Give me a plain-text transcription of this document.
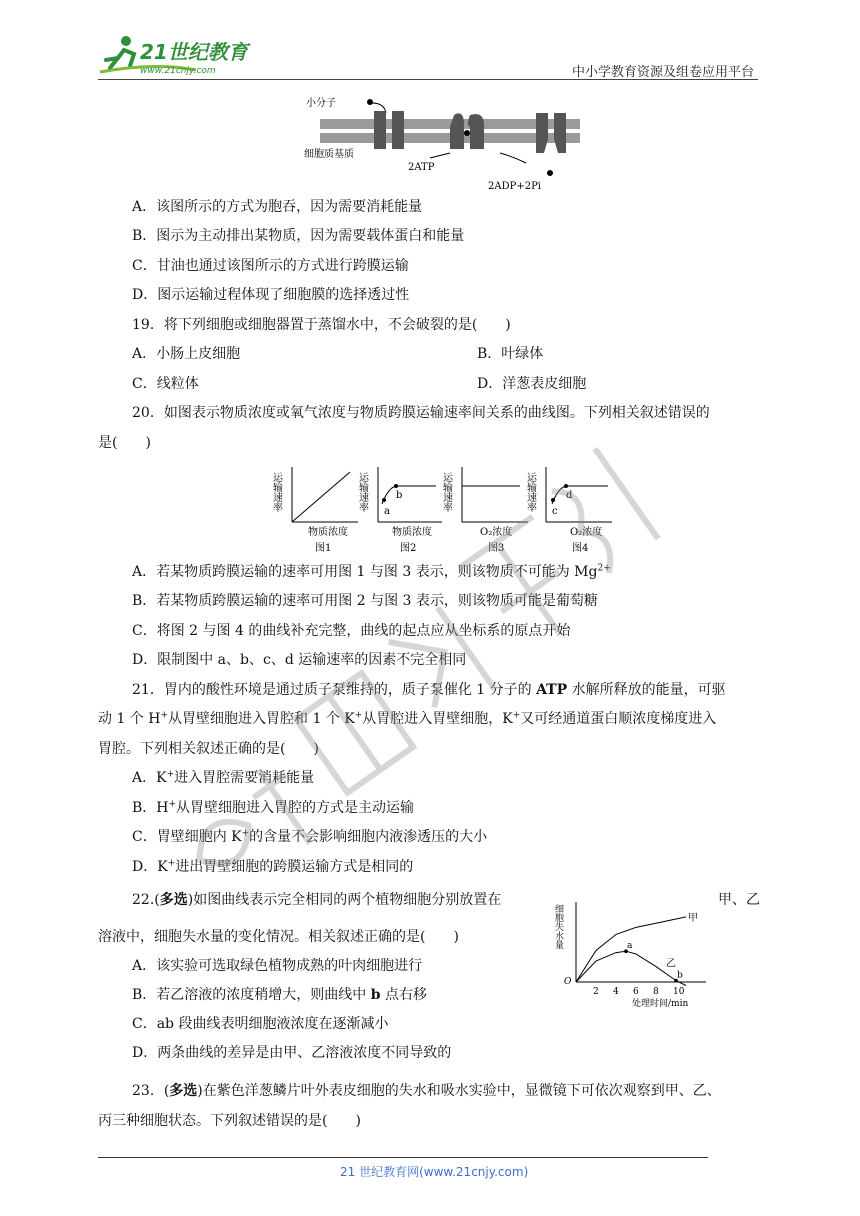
21世纪教育
www.21cnjy.com	中小学教育资源及组卷应用平台
小分子
细胞质基质
2ATP
2ADP+2Pi
A．该图所示的方式为胞吞，因为需要消耗能量
B．图示为主动排出某物质，因为需要载体蛋白和能量
C．甘油也通过该图所示的方式进行跨膜运输
D．图示运输过程体现了细胞膜的选择透过性
19．将下列细胞或细胞器置于蒸馏水中，不会破裂的是(　　)
A．小肠上皮细胞	B．叶绿体
C．线粒体	D．洋葱表皮细胞
20．如图表示物质浓度或氧气浓度与物质跨膜运输速率间关系的曲线图。下列相关叙述错误的
是(　　)
运输速率
物质浓度
图1
运输速率 a
b
物质浓度
图2
运输速率
O₂浓度
图3
运输速率 c
d
O₂浓度
图4
A．若某物质跨膜运输的速率可用图 1 与图 3 表示，则该物质不可能为 $Mg^{2+}$
B．若某物质跨膜运输的速率可用图 2 与图 3 表示，则该物质可能是葡萄糖
C．将图 2 与图 4 的曲线补充完整，曲线的起点应从坐标系的原点开始
D．限制图中 a、b、c、d 运输速率的因素不完全相同
21．胃内的酸性环境是通过质子泵维持的，质子泵催化 1 分子的 ATP 水解所释放的能量，可驱
动 1 个 H+从胃壁细胞进入胃腔和 1 个 K+从胃腔进入胃壁细胞，K+又可经通道蛋白顺浓度梯度进入
胃腔。下列相关叙述正确的是(　　)
A．K+进入胃腔需要消耗能量
B．H+从胃壁细胞进入胃腔的方式是主动运输
C．胃壁细胞内 K+的含量不会影响细胞内液渗透压的大小
D．K+进出胃壁细胞的跨膜运输方式是相同的
22.(多选)如图曲线表示完全相同的两个植物细胞分别放置在	甲、乙
溶液中，细胞失水量的变化情况。相关叙述正确的是(　　)
A．该实验可选取绿色植物成熟的叶肉细胞进行
B．若乙溶液的浓度稍增大，则曲线中 b 点右移
C．ab 段曲线表明细胞液浓度在逐渐减小
D．两条曲线的差异是由甲、乙溶液浓度不同导致的
细胞失水量
O
2 4 6 8 10
处理时间/min
甲
乙
a
b
23．(多选)在紫色洋葱鳞片叶外表皮细胞的失水和吸水实验中，显微镜下可依次观察到甲、乙、
丙三种细胞状态。下列叙述错误的是(　　)
21 世纪教育网(www.21cnjy.com)
